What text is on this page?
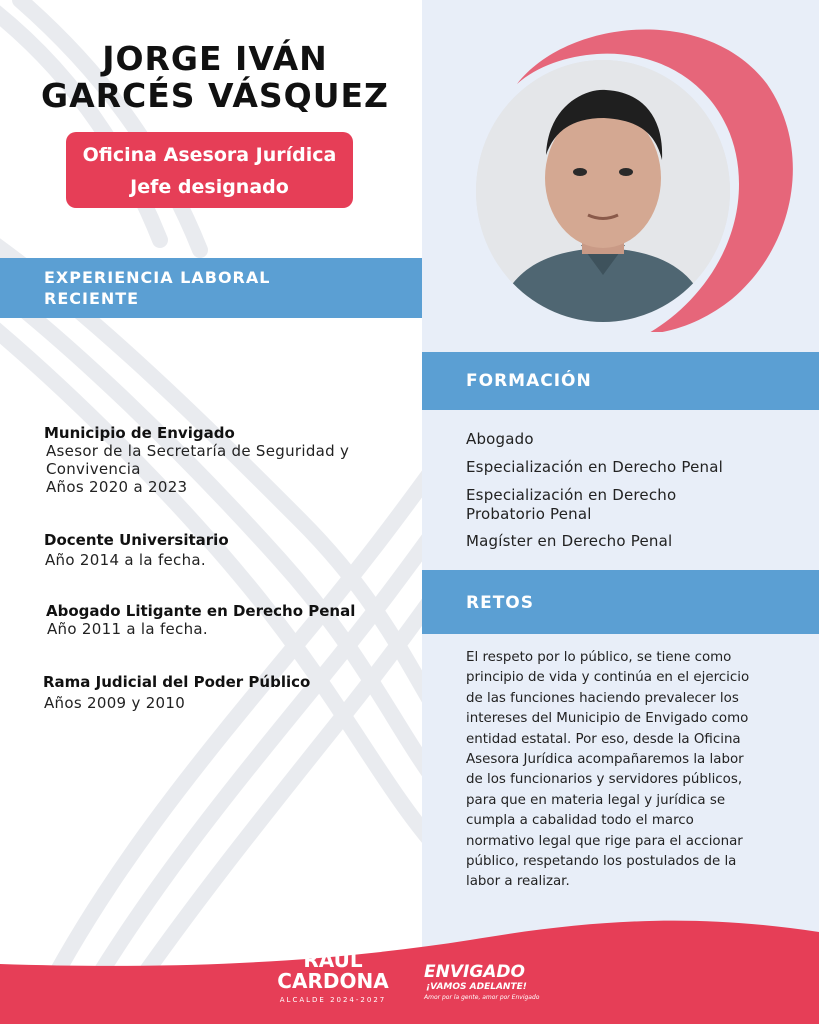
JORGE IVÁN
GARCÉS VÁSQUEZ
Oficina Asesora Jurídica
Jefe designado
EXPERIENCIA LABORAL
RECIENTE
Municipio de Envigado
Asesor de la Secretaría de Seguridad y
Convivencia
Años 2020 a 2023
Docente Universitario
Año 2014 a la fecha.
Abogado Litigante en Derecho Penal
Año 2011 a la fecha.
Rama Judicial del Poder Público
Años 2009 y 2010
FORMACIÓN
Abogado
Especialización en Derecho Penal
Especialización en Derecho
Probatorio Penal
Magíster en Derecho Penal
RETOS
El respeto por lo público, se tiene como
principio de vida y continúa en el ejercicio
de las funciones haciendo prevalecer los
intereses del Municipio de Envigado como
entidad estatal. Por eso, desde la Oficina
Asesora Jurídica acompañaremos la labor
de los funcionarios y servidores públicos,
para que en materia legal y jurídica se
cumpla a cabalidad todo el marco
normativo legal que rige para el accionar
público, respetando los postulados de la
labor a realizar.
RAÚL
CARDONA
ALCALDE 2024-2027
ENVIGADO
¡VAMOS ADELANTE!
Amor por la gente, amor por Envigado
